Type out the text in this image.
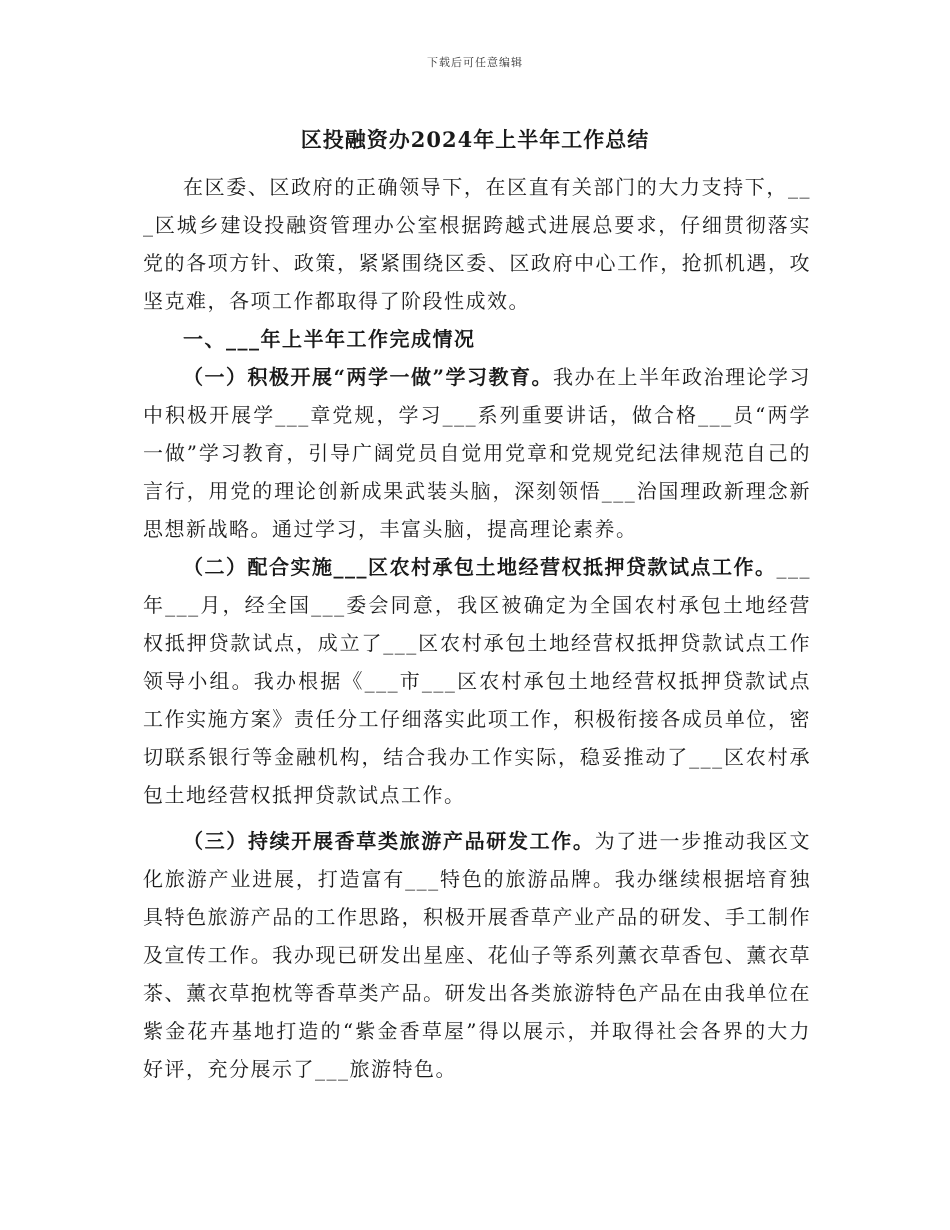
下载后可任意编辑
区投融资办2024年上半年工作总结

在区委、区政府的正确领导下，在区直有关部门的大力支持下，___区城乡建设投融资管理办公室根据跨越式进展总要求，仔细贯彻落实党的各项方针、政策，紧紧围绕区委、区政府中心工作，抢抓机遇，攻坚克难，各项工作都取得了阶段性成效。

一、___年上半年工作完成情况

（一）积极开展“两学一做”学习教育。我办在上半年政治理论学习中积极开展学___章党规，学习___系列重要讲话，做合格___员“两学一做”学习教育，引导广阔党员自觉用党章和党规党纪法律规范自己的言行，用党的理论创新成果武装头脑，深刻领悟___治国理政新理念新思想新战略。通过学习，丰富头脑，提高理论素养。

（二）配合实施___区农村承包土地经营权抵押贷款试点工作。___年___月，经全国___委会同意，我区被确定为全国农村承包土地经营权抵押贷款试点，成立了___区农村承包土地经营权抵押贷款试点工作领导小组。我办根据《___市___区农村承包土地经营权抵押贷款试点工作实施方案》责任分工仔细落实此项工作，积极衔接各成员单位，密切联系银行等金融机构，结合我办工作实际，稳妥推动了___区农村承包土地经营权抵押贷款试点工作。

（三）持续开展香草类旅游产品研发工作。为了进一步推动我区文化旅游产业进展，打造富有___特色的旅游品牌。我办继续根据培育独具特色旅游产品的工作思路，积极开展香草产业产品的研发、手工制作及宣传工作。我办现已研发出星座、花仙子等系列薰衣草香包、薰衣草茶、薰衣草抱枕等香草类产品。研发出各类旅游特色产品在由我单位在紫金花卉基地打造的“紫金香草屋”得以展示，并取得社会各界的大力好评，充分展示了___旅游特色。
